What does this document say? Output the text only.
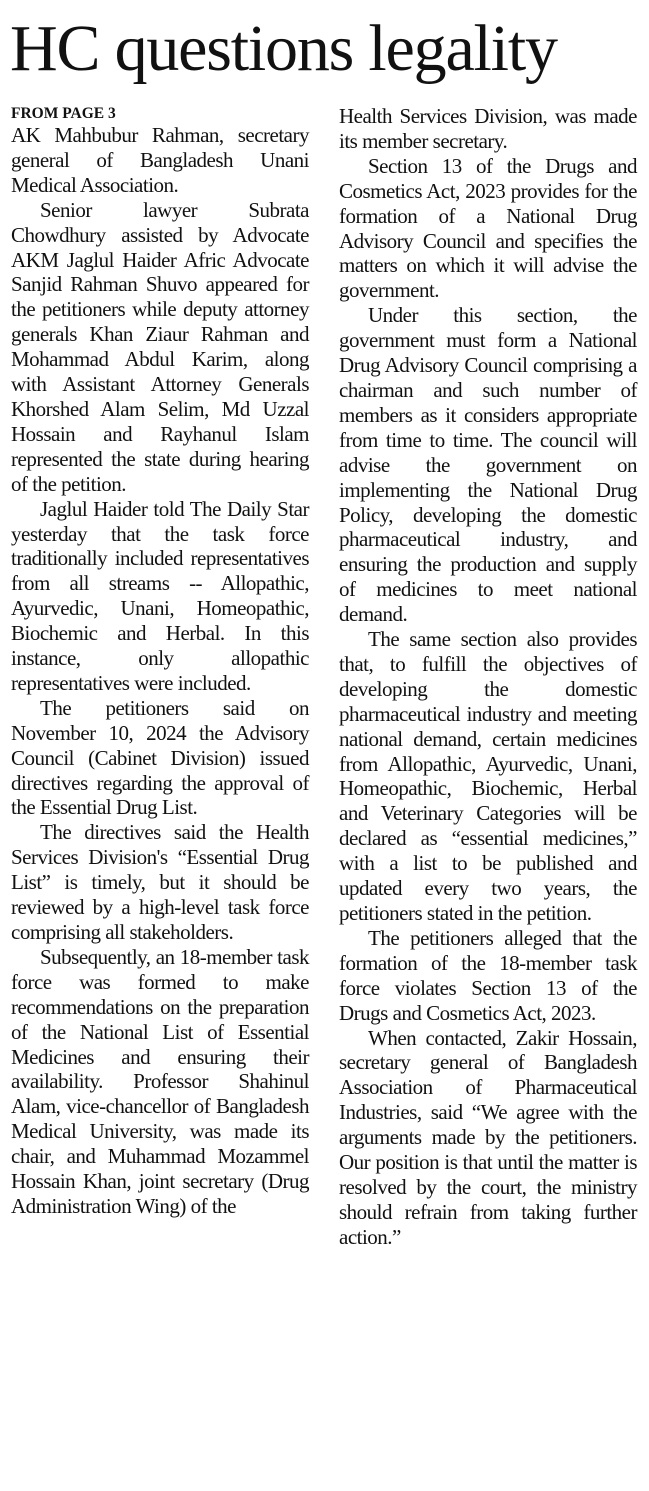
HC questions legality
FROM PAGE 3

AK Mahbubur Rahman, secretary general of Bangladesh Unani Medical Association.

Senior lawyer Subrata Chowdhury assisted by Advocate AKM Jaglul Haider Afric Advocate Sanjid Rahman Shuvo appeared for the petitioners while deputy attorney generals Khan Ziaur Rahman and Mohammad Abdul Karim, along with Assistant Attorney Generals Khorshed Alam Selim, Md Uzzal Hossain and Rayhanul Islam represented the state during hearing of the petition.

Jaglul Haider told The Daily Star yesterday that the task force traditionally included representatives from all streams -- Allopathic, Ayurvedic, Unani, Homeopathic, Biochemic and Herbal. In this instance, only allopathic representatives were included.

The petitioners said on November 10, 2024 the Advisory Council (Cabinet Division) issued directives regarding the approval of the Essential Drug List.

The directives said the Health Services Division's “Essential Drug List” is timely, but it should be reviewed by a high-level task force comprising all stakeholders.

Subsequently, an 18-member task force was formed to make recommendations on the preparation of the National List of Essential Medicines and ensuring their availability. Professor Shahinul Alam, vice-chancellor of Bangladesh Medical University, was made its chair, and Muhammad Mozammel Hossain Khan, joint secretary (Drug Administration Wing) of the

Health Services Division, was made its member secretary.

Section 13 of the Drugs and Cosmetics Act, 2023 provides for the formation of a National Drug Advisory Council and specifies the matters on which it will advise the government.

Under this section, the government must form a National Drug Advisory Council comprising a chairman and such number of members as it considers appropriate from time to time. The council will advise the government on implementing the National Drug Policy, developing the domestic pharmaceutical industry, and ensuring the production and supply of medicines to meet national demand.

The same section also provides that, to fulfill the objectives of developing the domestic pharmaceutical industry and meeting national demand, certain medicines from Allopathic, Ayurvedic, Unani, Homeopathic, Biochemic, Herbal and Veterinary Categories will be declared as “essential medicines,” with a list to be published and updated every two years, the petitioners stated in the petition.

The petitioners alleged that the formation of the 18-member task force violates Section 13 of the Drugs and Cosmetics Act, 2023.

When contacted, Zakir Hossain, secretary general of Bangladesh Association of Pharmaceutical Industries, said “We agree with the arguments made by the petitioners. Our position is that until the matter is resolved by the court, the ministry should refrain from taking further action.”
